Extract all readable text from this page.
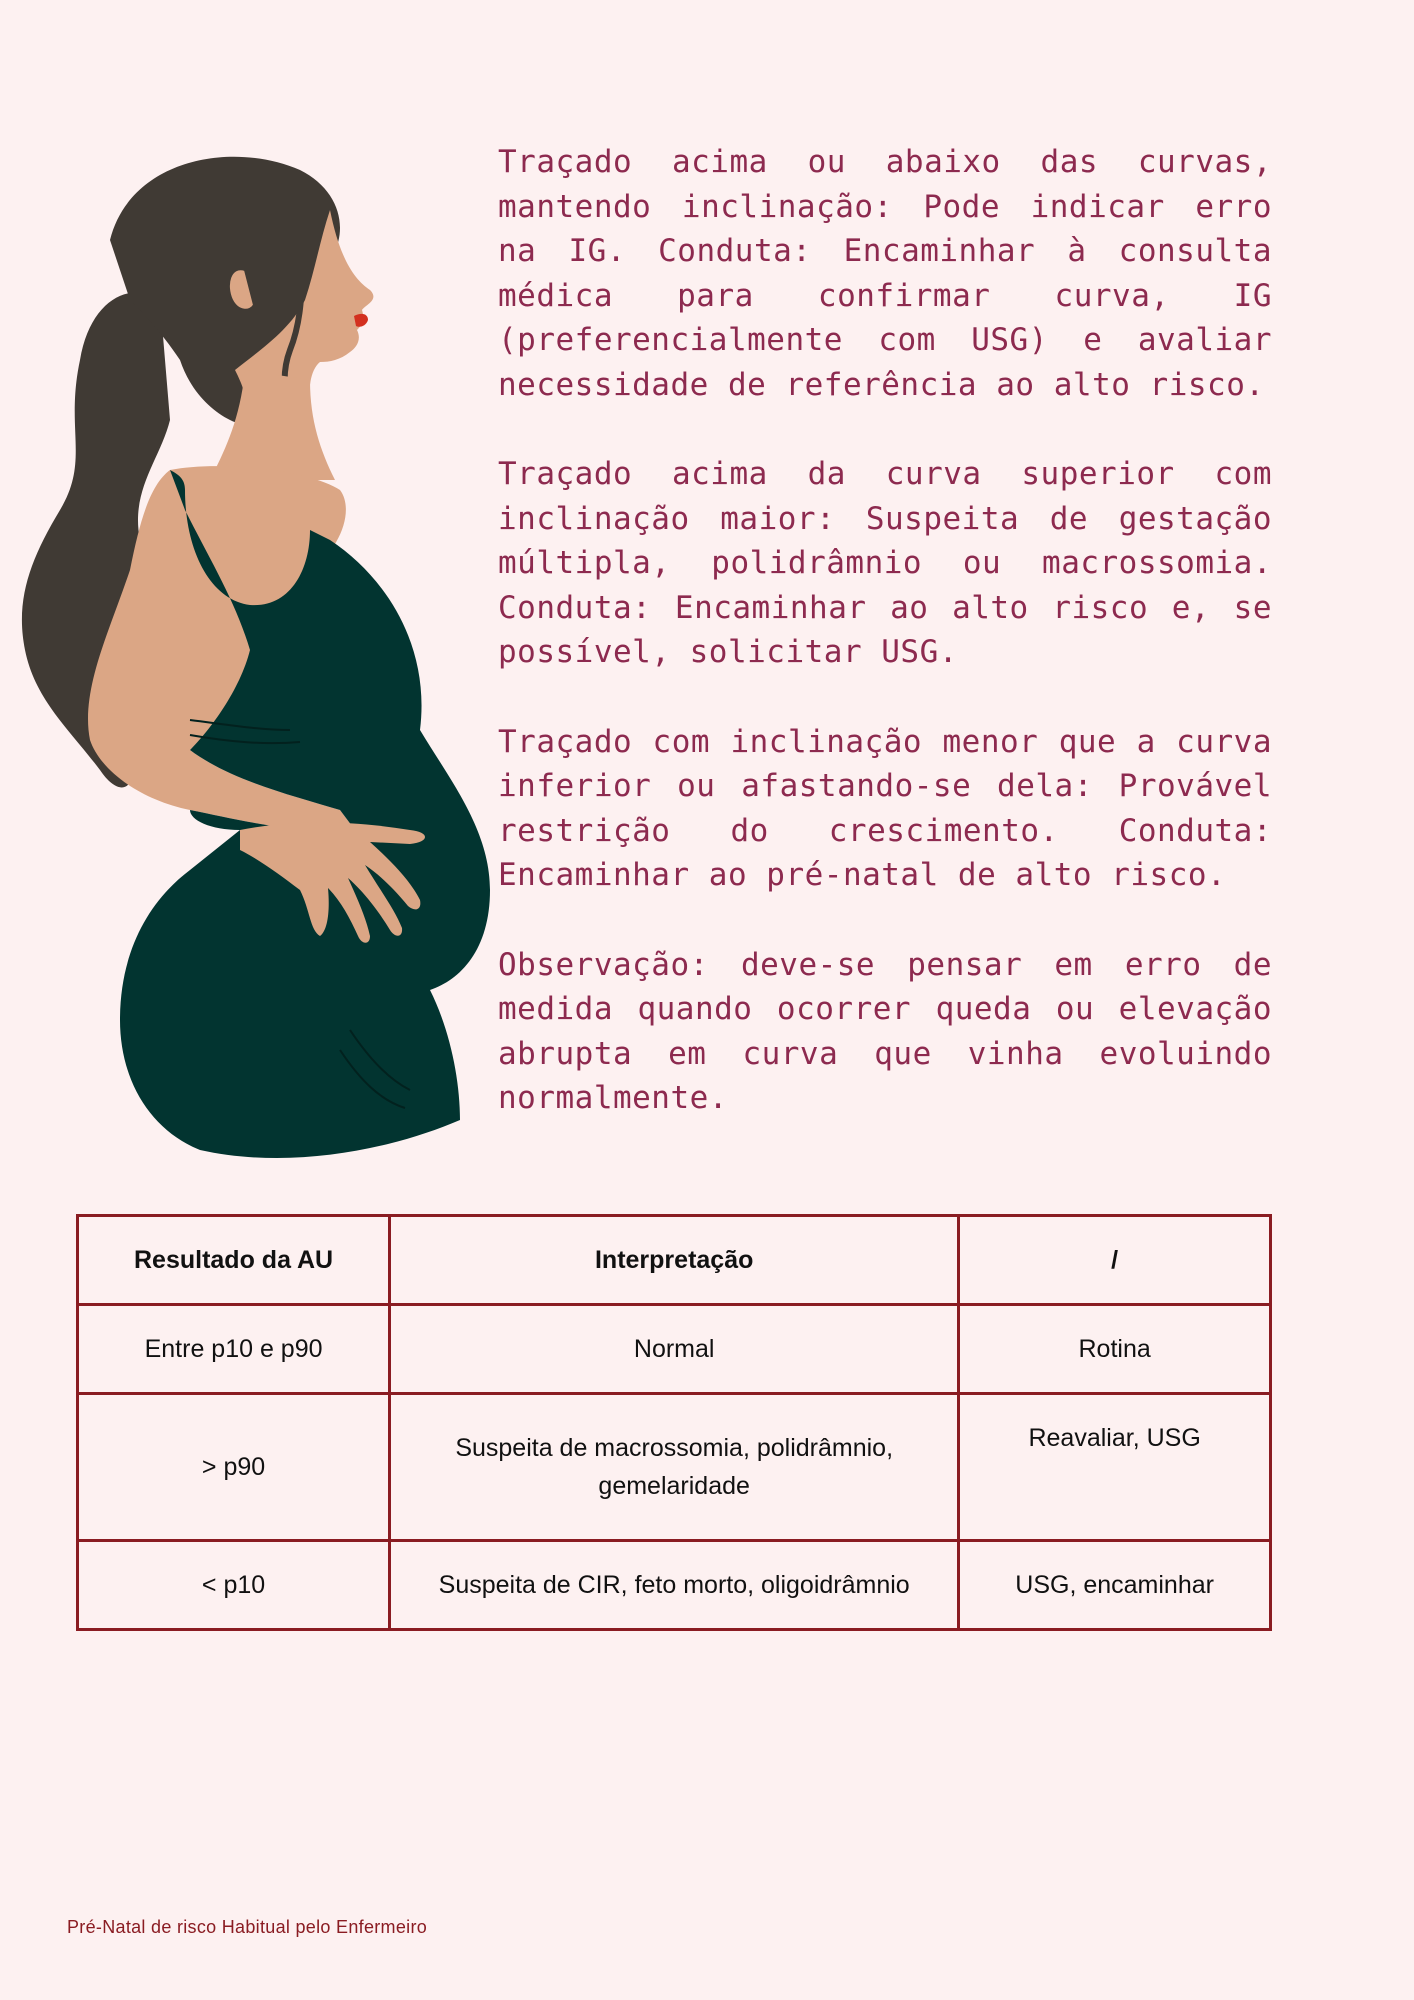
Traçado acima ou abaixo das curvas, mantendo inclinação: Pode indicar erro na IG. Conduta: Encaminhar à consulta médica para confirmar curva, IG (preferencialmente com USG) e avaliar necessidade de referência ao alto risco.

Traçado acima da curva superior com inclinação maior: Suspeita de gestação múltipla, polidrâmnio ou macrossomia. Conduta: Encaminhar ao alto risco e, se possível, solicitar USG.

Traçado com inclinação menor que a curva inferior ou afastando-se dela: Provável restrição do crescimento. Conduta: Encaminhar ao pré-natal de alto risco.

Observação: deve-se pensar em erro de medida quando ocorrer queda ou elevação abrupta em curva que vinha evoluindo normalmente.

Resultado da AU	Interpretação	/
Entre p10 e p90	Normal	Rotina
> p90	Suspeita de macrossomia, polidrâmnio, gemelaridade	Reavaliar, USG
< p10	Suspeita de CIR, feto morto, oligoidrâmnio	USG, encaminhar
Pré-Natal de risco Habitual pelo Enfermeiro
